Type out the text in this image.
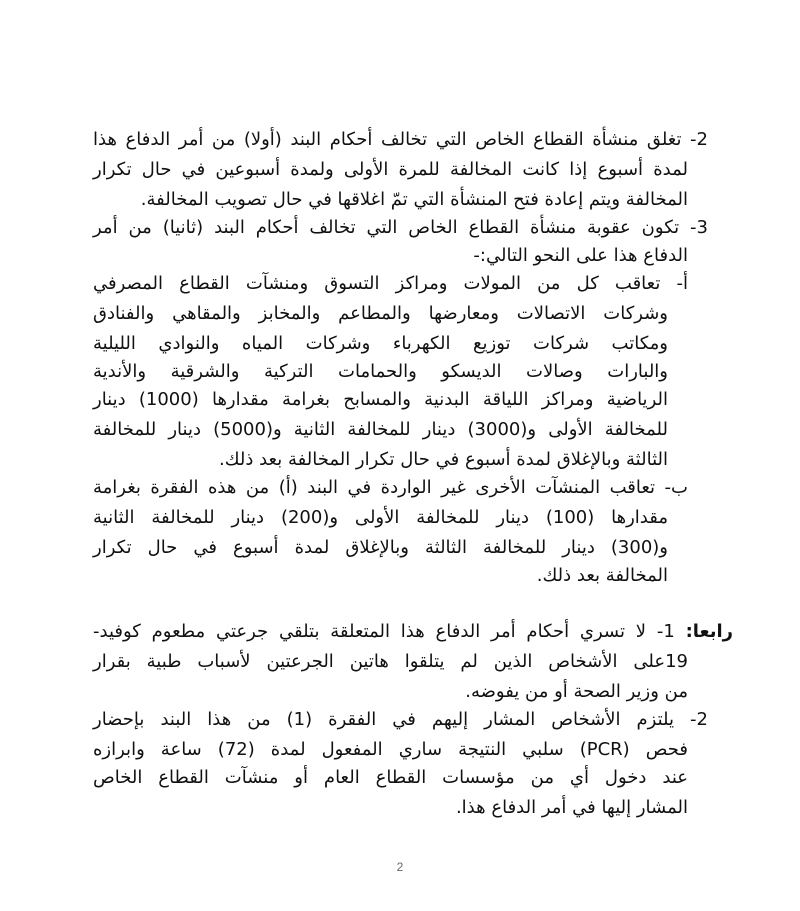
2- تغلق منشأة القطاع الخاص التي تخالف أحكام البند (أولا) من أمر الدفاع هذا
لمدة أسبوع إذا كانت المخالفة للمرة الأولى ولمدة أسبوعين في حال تكرار
المخالفة ويتم إعادة فتح المنشأة التي تمّ اغلاقها في حال تصويب المخالفة.
3- تكون عقوبة منشأة القطاع الخاص التي تخالف أحكام البند (ثانيا) من أمر
الدفاع هذا على النحو التالي:-
أ- تعاقب كل من المولات ومراكز التسوق ومنشآت القطاع المصرفي
وشركات الاتصالات ومعارضها والمطاعم والمخابز والمقاهي والفنادق
ومكاتب شركات توزيع الكهرباء وشركات المياه والنوادي الليلية
والبارات وصالات الديسكو والحمامات التركية والشرقية والأندية
الرياضية ومراكز اللياقة البدنية والمسابح بغرامة مقدارها (1000) دينار
للمخالفة الأولى و(3000) دينار للمخالفة الثانية و(5000) دينار للمخالفة
الثالثة وبالإغلاق لمدة أسبوع في حال تكرار المخالفة بعد ذلك.
ب- تعاقب المنشآت الأخرى غير الواردة في البند (أ) من هذه الفقرة بغرامة
مقدارها (100) دينار للمخالفة الأولى و(200) دينار للمخالفة الثانية
و(300) دينار للمخالفة الثالثة وبالإغلاق لمدة أسبوع في حال تكرار
المخالفة بعد ذلك.
رابعا: 1- لا تسري أحكام أمر الدفاع هذا المتعلقة بتلقي جرعتي مطعوم كوفيد-
19على الأشخاص الذين لم يتلقوا هاتين الجرعتين لأسباب طبية بقرار
من وزير الصحة أو من يفوضه.
2- يلتزم الأشخاص المشار إليهم في الفقرة (1) من هذا البند بإحضار
فحص (PCR) سلبي النتيجة ساري المفعول لمدة (72) ساعة وابرازه
عند دخول أي من مؤسسات القطاع العام أو منشآت القطاع الخاص
المشار إليها في أمر الدفاع هذا.
2
